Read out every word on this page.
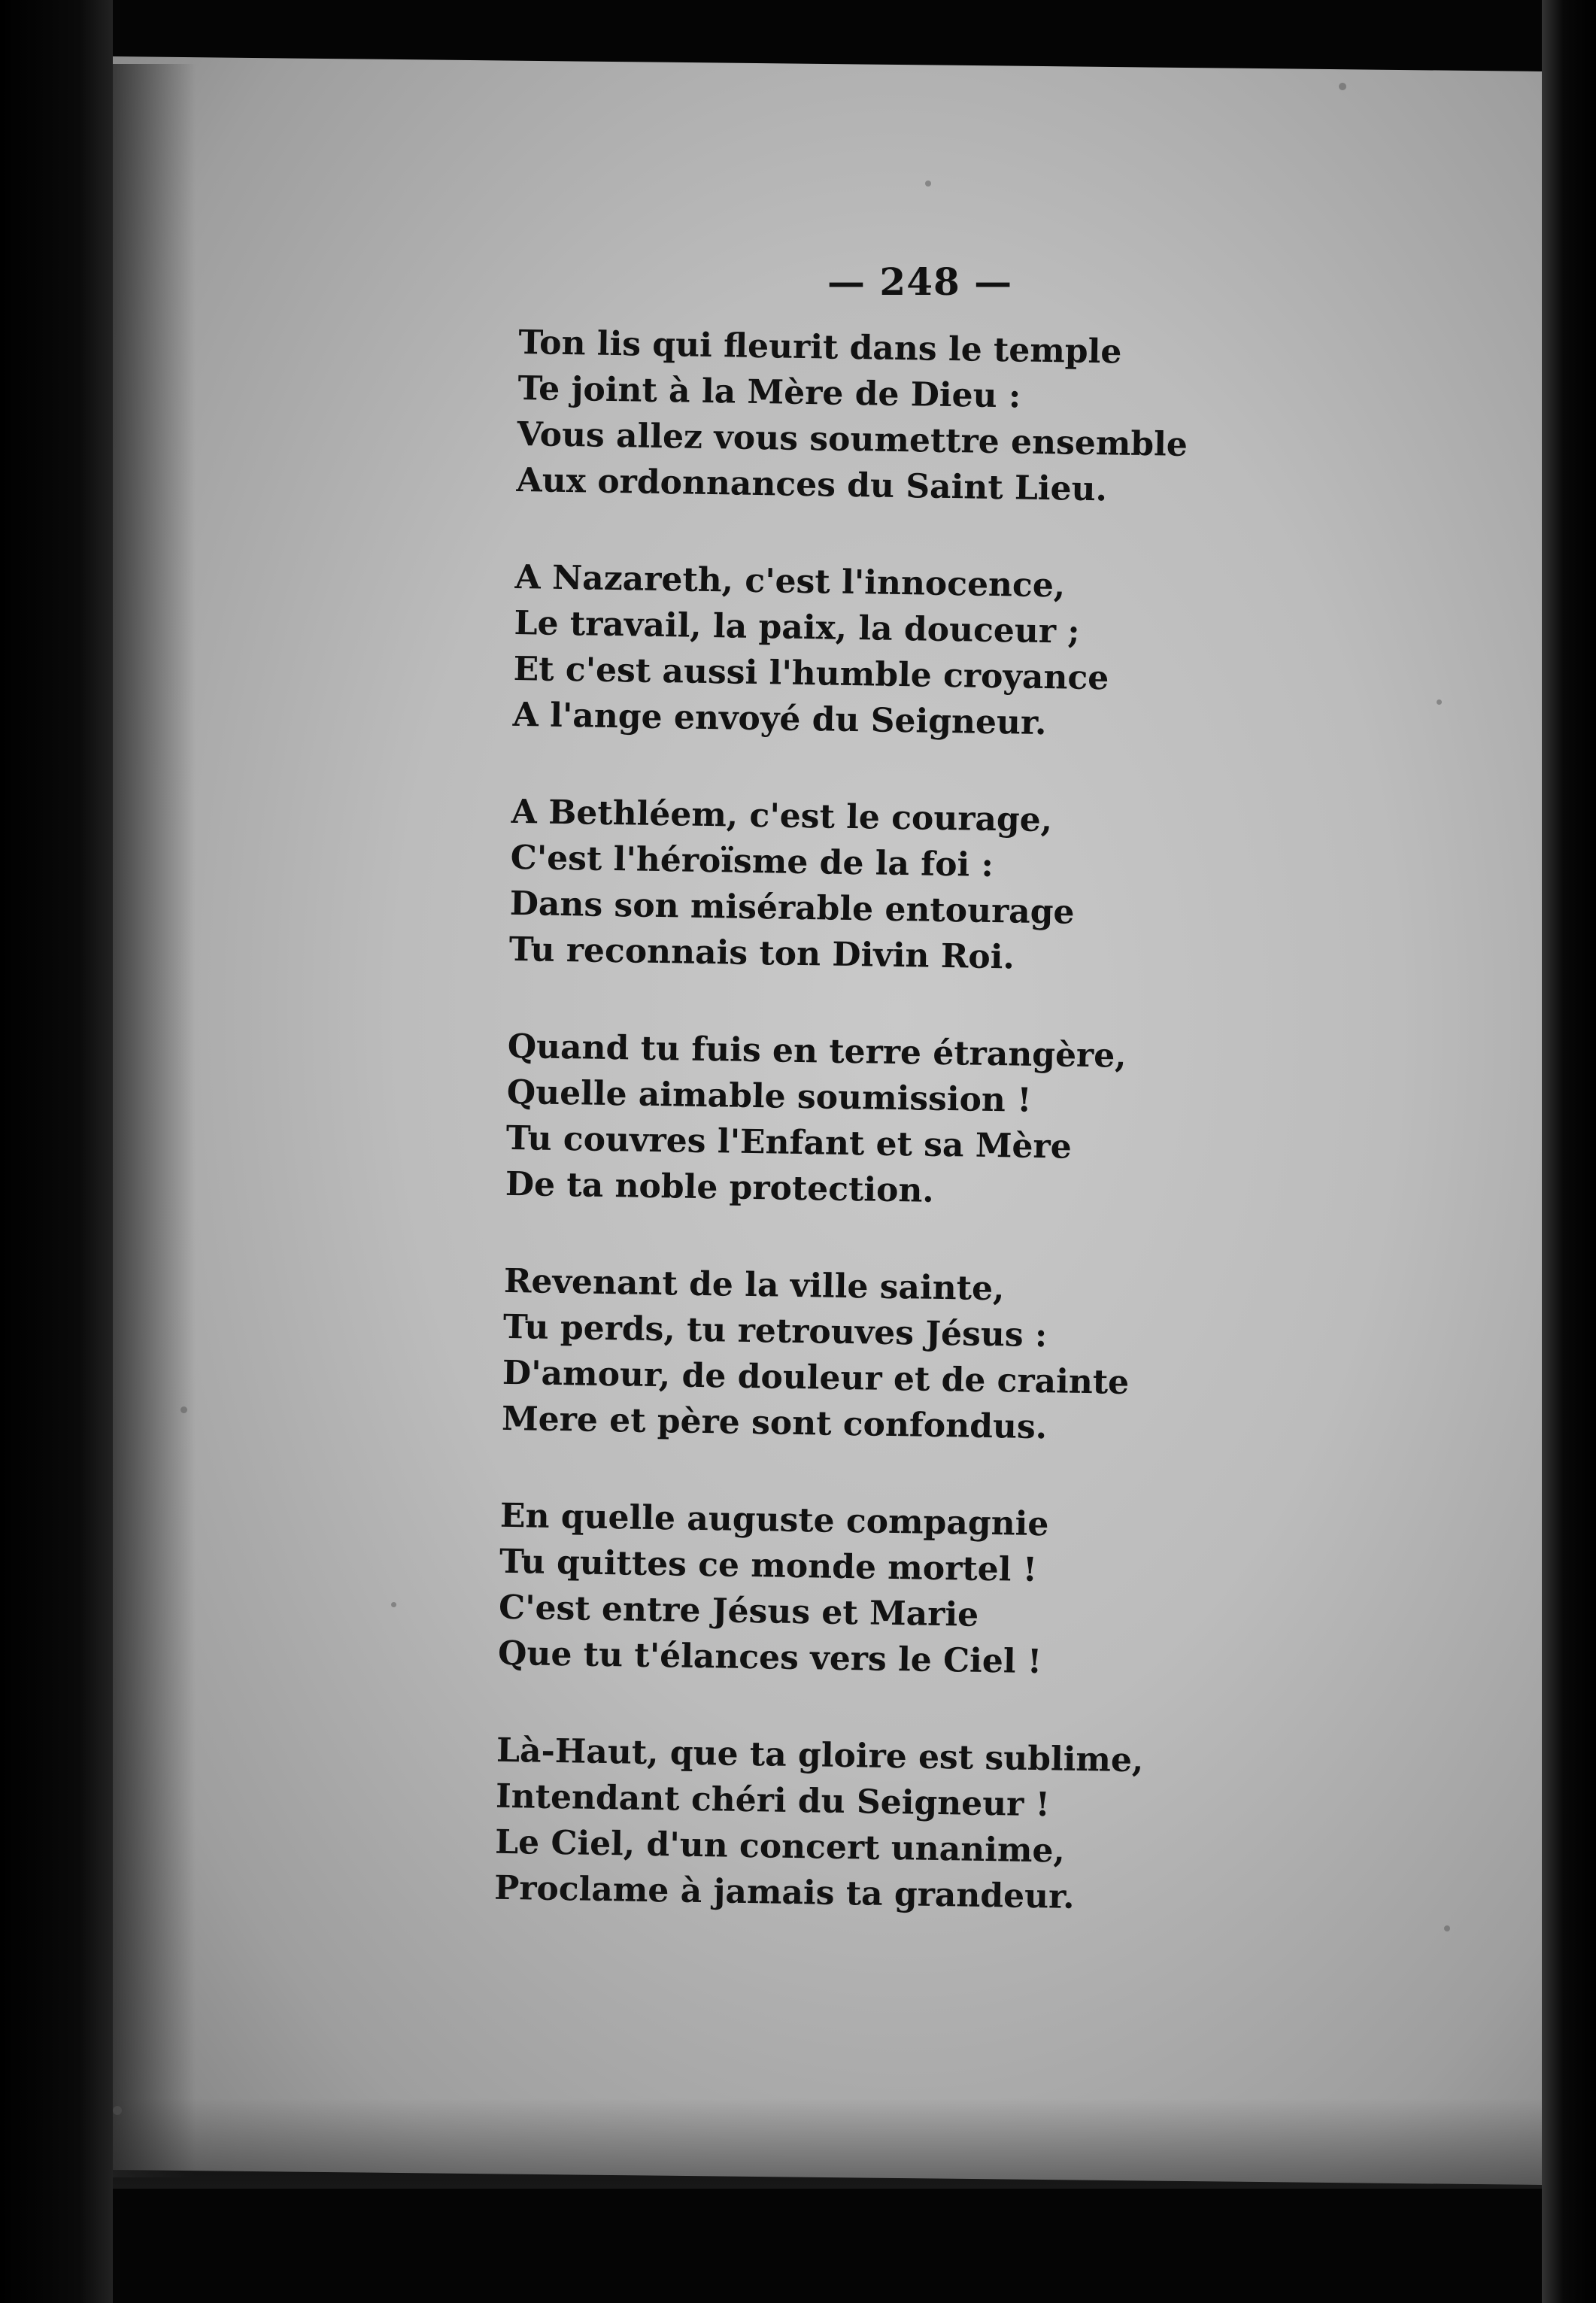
— 248 —
Ton lis qui fleurit dans le temple
Te joint à la Mère de Dieu :
Vous allez vous soumettre ensemble
Aux ordonnances du Saint Lieu.
A Nazareth, c'est l'innocence,
Le travail, la paix, la douceur ;
Et c'est aussi l'humble croyance
A l'ange envoyé du Seigneur.
A Bethléem, c'est le courage,
C'est l'héroïsme de la foi :
Dans son misérable entourage
Tu reconnais ton Divin Roi.
Quand tu fuis en terre étrangère,
Quelle aimable soumission !
Tu couvres l'Enfant et sa Mère
De ta noble protection.
Revenant de la ville sainte,
Tu perds, tu retrouves Jésus :
D'amour, de douleur et de crainte
Mere et père sont confondus.
En quelle auguste compagnie
Tu quittes ce monde mortel !
C'est entre Jésus et Marie
Que tu t'élances vers le Ciel !
Là-Haut, que ta gloire est sublime,
Intendant chéri du Seigneur !
Le Ciel, d'un concert unanime,
Proclame à jamais ta grandeur.
